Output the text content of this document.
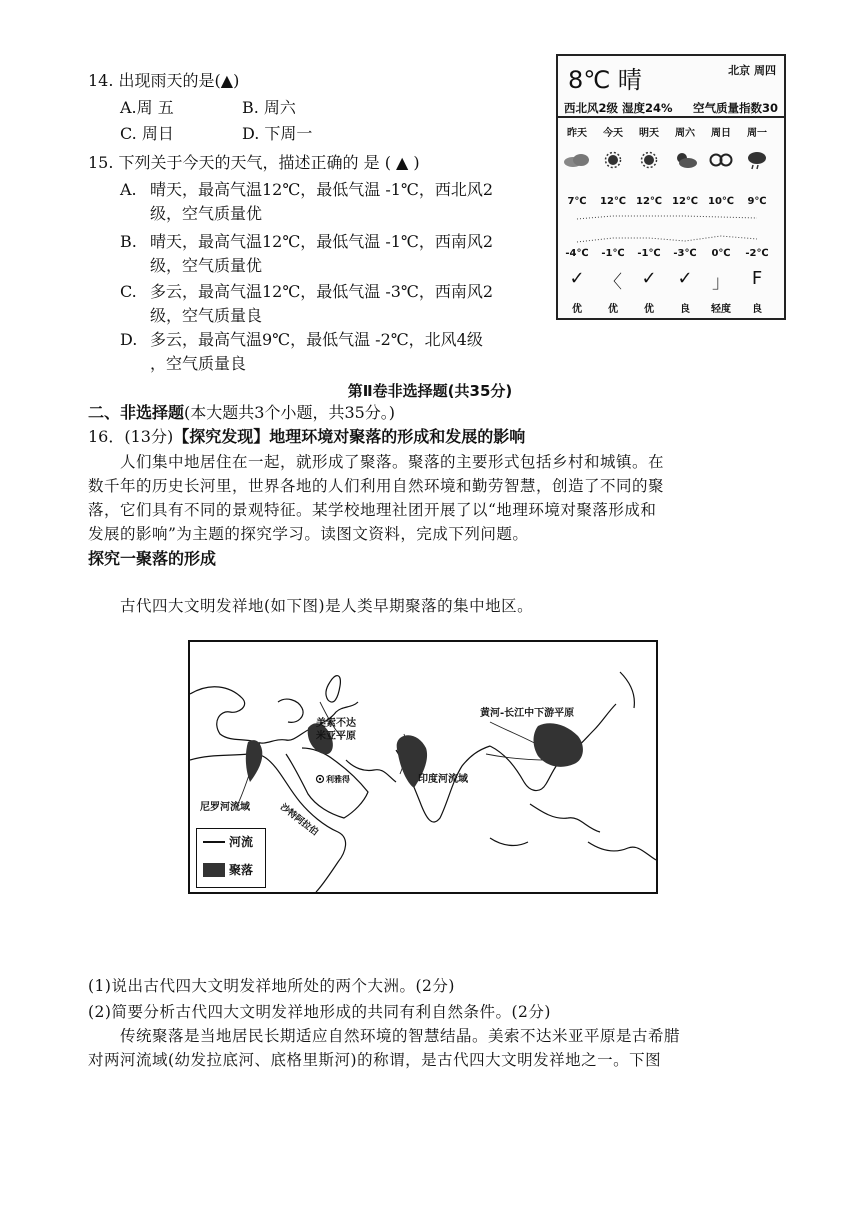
14. 出现雨天的是(▲)
A.周 五	B. 周六
C. 周日	D. 下周一
15. 下列关于今天的天气，描述正确的 是 ( ▲ )
A. 晴天，最高气温12℃，最低气温 -1℃，西北风2
级，空气质量优
B. 晴天，最高气温12℃，最低气温 -1℃，西南风2
级，空气质量优
C. 多云，最高气温12℃，最低气温 -3℃，西南风2
级，空气质量良
D. 多云，最高气温9℃，最低气温 -2℃，北风4级
，空气质量良
8℃ 晴	北京 周四
西北风2级 湿度24% 空气质量指数30
昨天	今天	明天	周六	周日	周一
7℃	12℃ 12℃ 12℃ 10℃	9℃
-4℃	-1℃	-1℃	-3℃	0℃	-2℃
✓	〈	✓	✓	」	F
优	优	优	良	轻度	良
第Ⅱ卷非选择题(共35分)
二、非选择题(本大题共3个小题，共35分。)
16．(13分)【探究发现】地理环境对聚落的形成和发展的影响
人们集中地居住在一起，就形成了聚落。聚落的主要形式包括乡村和城镇。在
数千年的历史长河里，世界各地的人们利用自然环境和勤劳智慧，创造了不同的聚
落，它们具有不同的景观特征。某学校地理社团开展了以“地理环境对聚落形成和
发展的影响”为主题的探究学习。读图文资料，完成下列问题。
探究一聚落的形成
古代四大文明发祥地(如下图)是人类早期聚落的集中地区。
美索不达
米亚平原
印度河流域
黄河-长江中下游平原
尼罗河流域
利雅得
沙特阿拉伯
河流
聚落
(1)说出古代四大文明发祥地所处的两个大洲。(2分)
(2)简要分析古代四大文明发祥地形成的共同有利自然条件。(2分)
传统聚落是当地居民长期适应自然环境的智慧结晶。美索不达米亚平原是古希腊
对两河流域(幼发拉底河、底格里斯河)的称谓，是古代四大文明发祥地之一。下图
